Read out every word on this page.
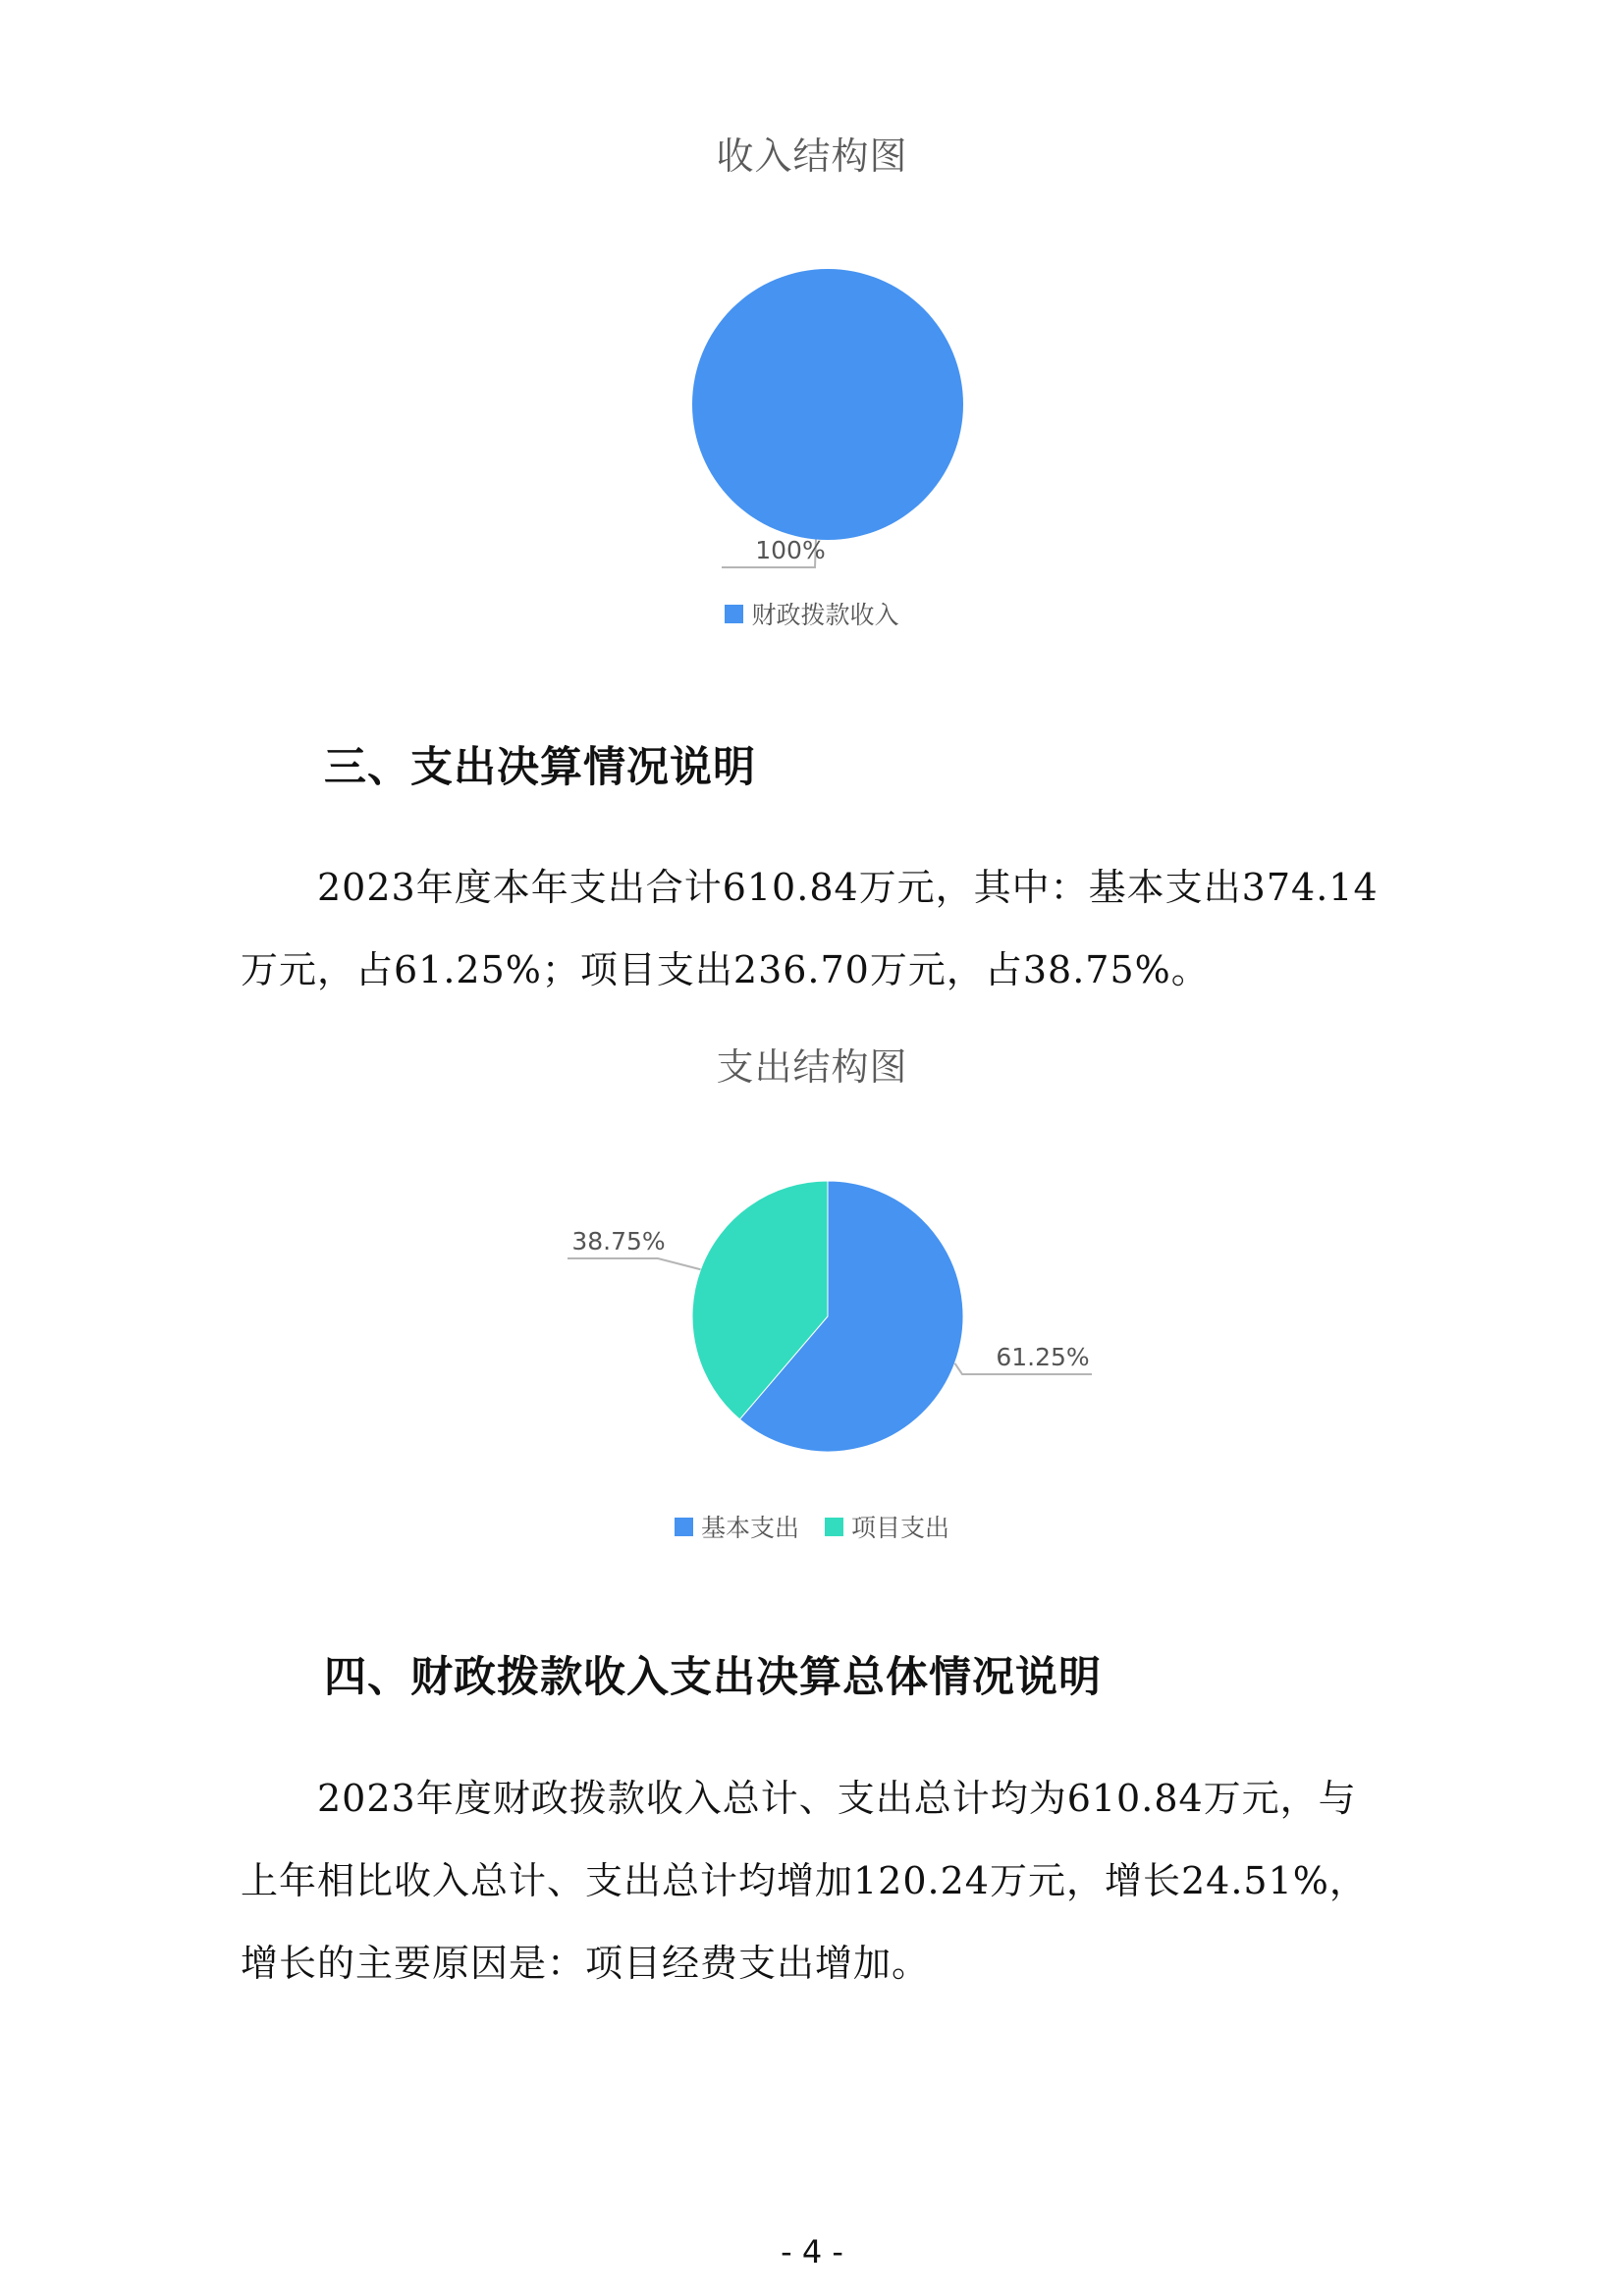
收入结构图
100%
财政拨款收入
三、支出决算情况说明
2023年度本年支出合计610.84万元，其中：基本支出374.14
万元，占61.25%；项目支出236.70万元，占38.75%。
支出结构图
61.25%
38.75%
基本支出 项目支出
四、财政拨款收入支出决算总体情况说明
2023年度财政拨款收入总计、支出总计均为610.84万元，与
上年相比收入总计、支出总计均增加120.24万元，增长24.51%，
增长的主要原因是：项目经费支出增加。
- 4 -
